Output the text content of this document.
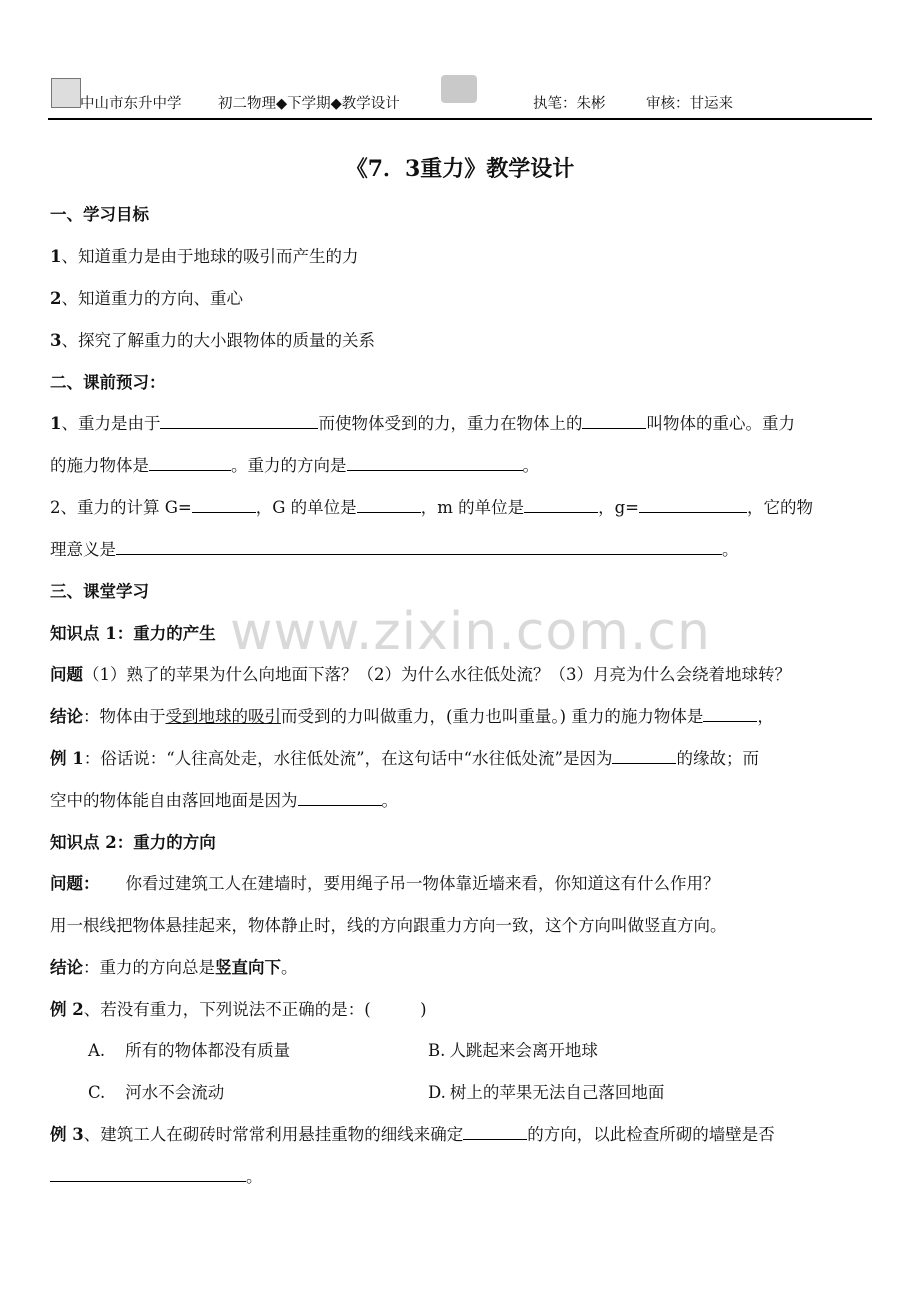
中山市东升中学	初二物理◆下学期◆教学设计	执笔：朱彬	审核：甘运来
《7．3重力》教学设计
www.zixin.com.cn
一、学习目标
1、知道重力是由于地球的吸引而产生的力
2、知道重力的方向、重心
3、探究了解重力的大小跟物体的质量的关系
二、课前预习：
1、重力是由于	而使物体受到的力，重力在物体上的	叫物体的重心。重力
的施力物体是	。重力的方向是	。
2、重力的计算 G=	，G 的单位是	，m 的单位是	，g=	，它的物
理意义是	。
三、课堂学习
知识点 1：重力的产生
问题（1）熟了的苹果为什么向地面下落？（2）为什么水往低处流？（3）月亮为什么会绕着地球转？
结论：物体由于受到地球的吸引而受到的力叫做重力，(重力也叫重量。) 重力的施力物体是	，
例 1：俗话说：“人往高处走，水往低处流”，在这句话中“水往低处流”是因为	的缘故；而
空中的物体能自由落回地面是因为	。
知识点 2：重力的方向
问题： 你看过建筑工人在建墙时，要用绳子吊一物体靠近墙来看，你知道这有什么作用？
用一根线把物体悬挂起来，物体静止时，线的方向跟重力方向一致，这个方向叫做竖直方向。
结论：重力的方向总是竖直向下。
例 2、若没有重力，下列说法不正确的是：(　　　)
A. 所有的物体都没有质量	B. 人跳起来会离开地球
C. 河水不会流动	D. 树上的苹果无法自己落回地面
例 3、建筑工人在砌砖时常常利用悬挂重物的细线来确定	的方向，以此检查所砌的墙壁是否
。
